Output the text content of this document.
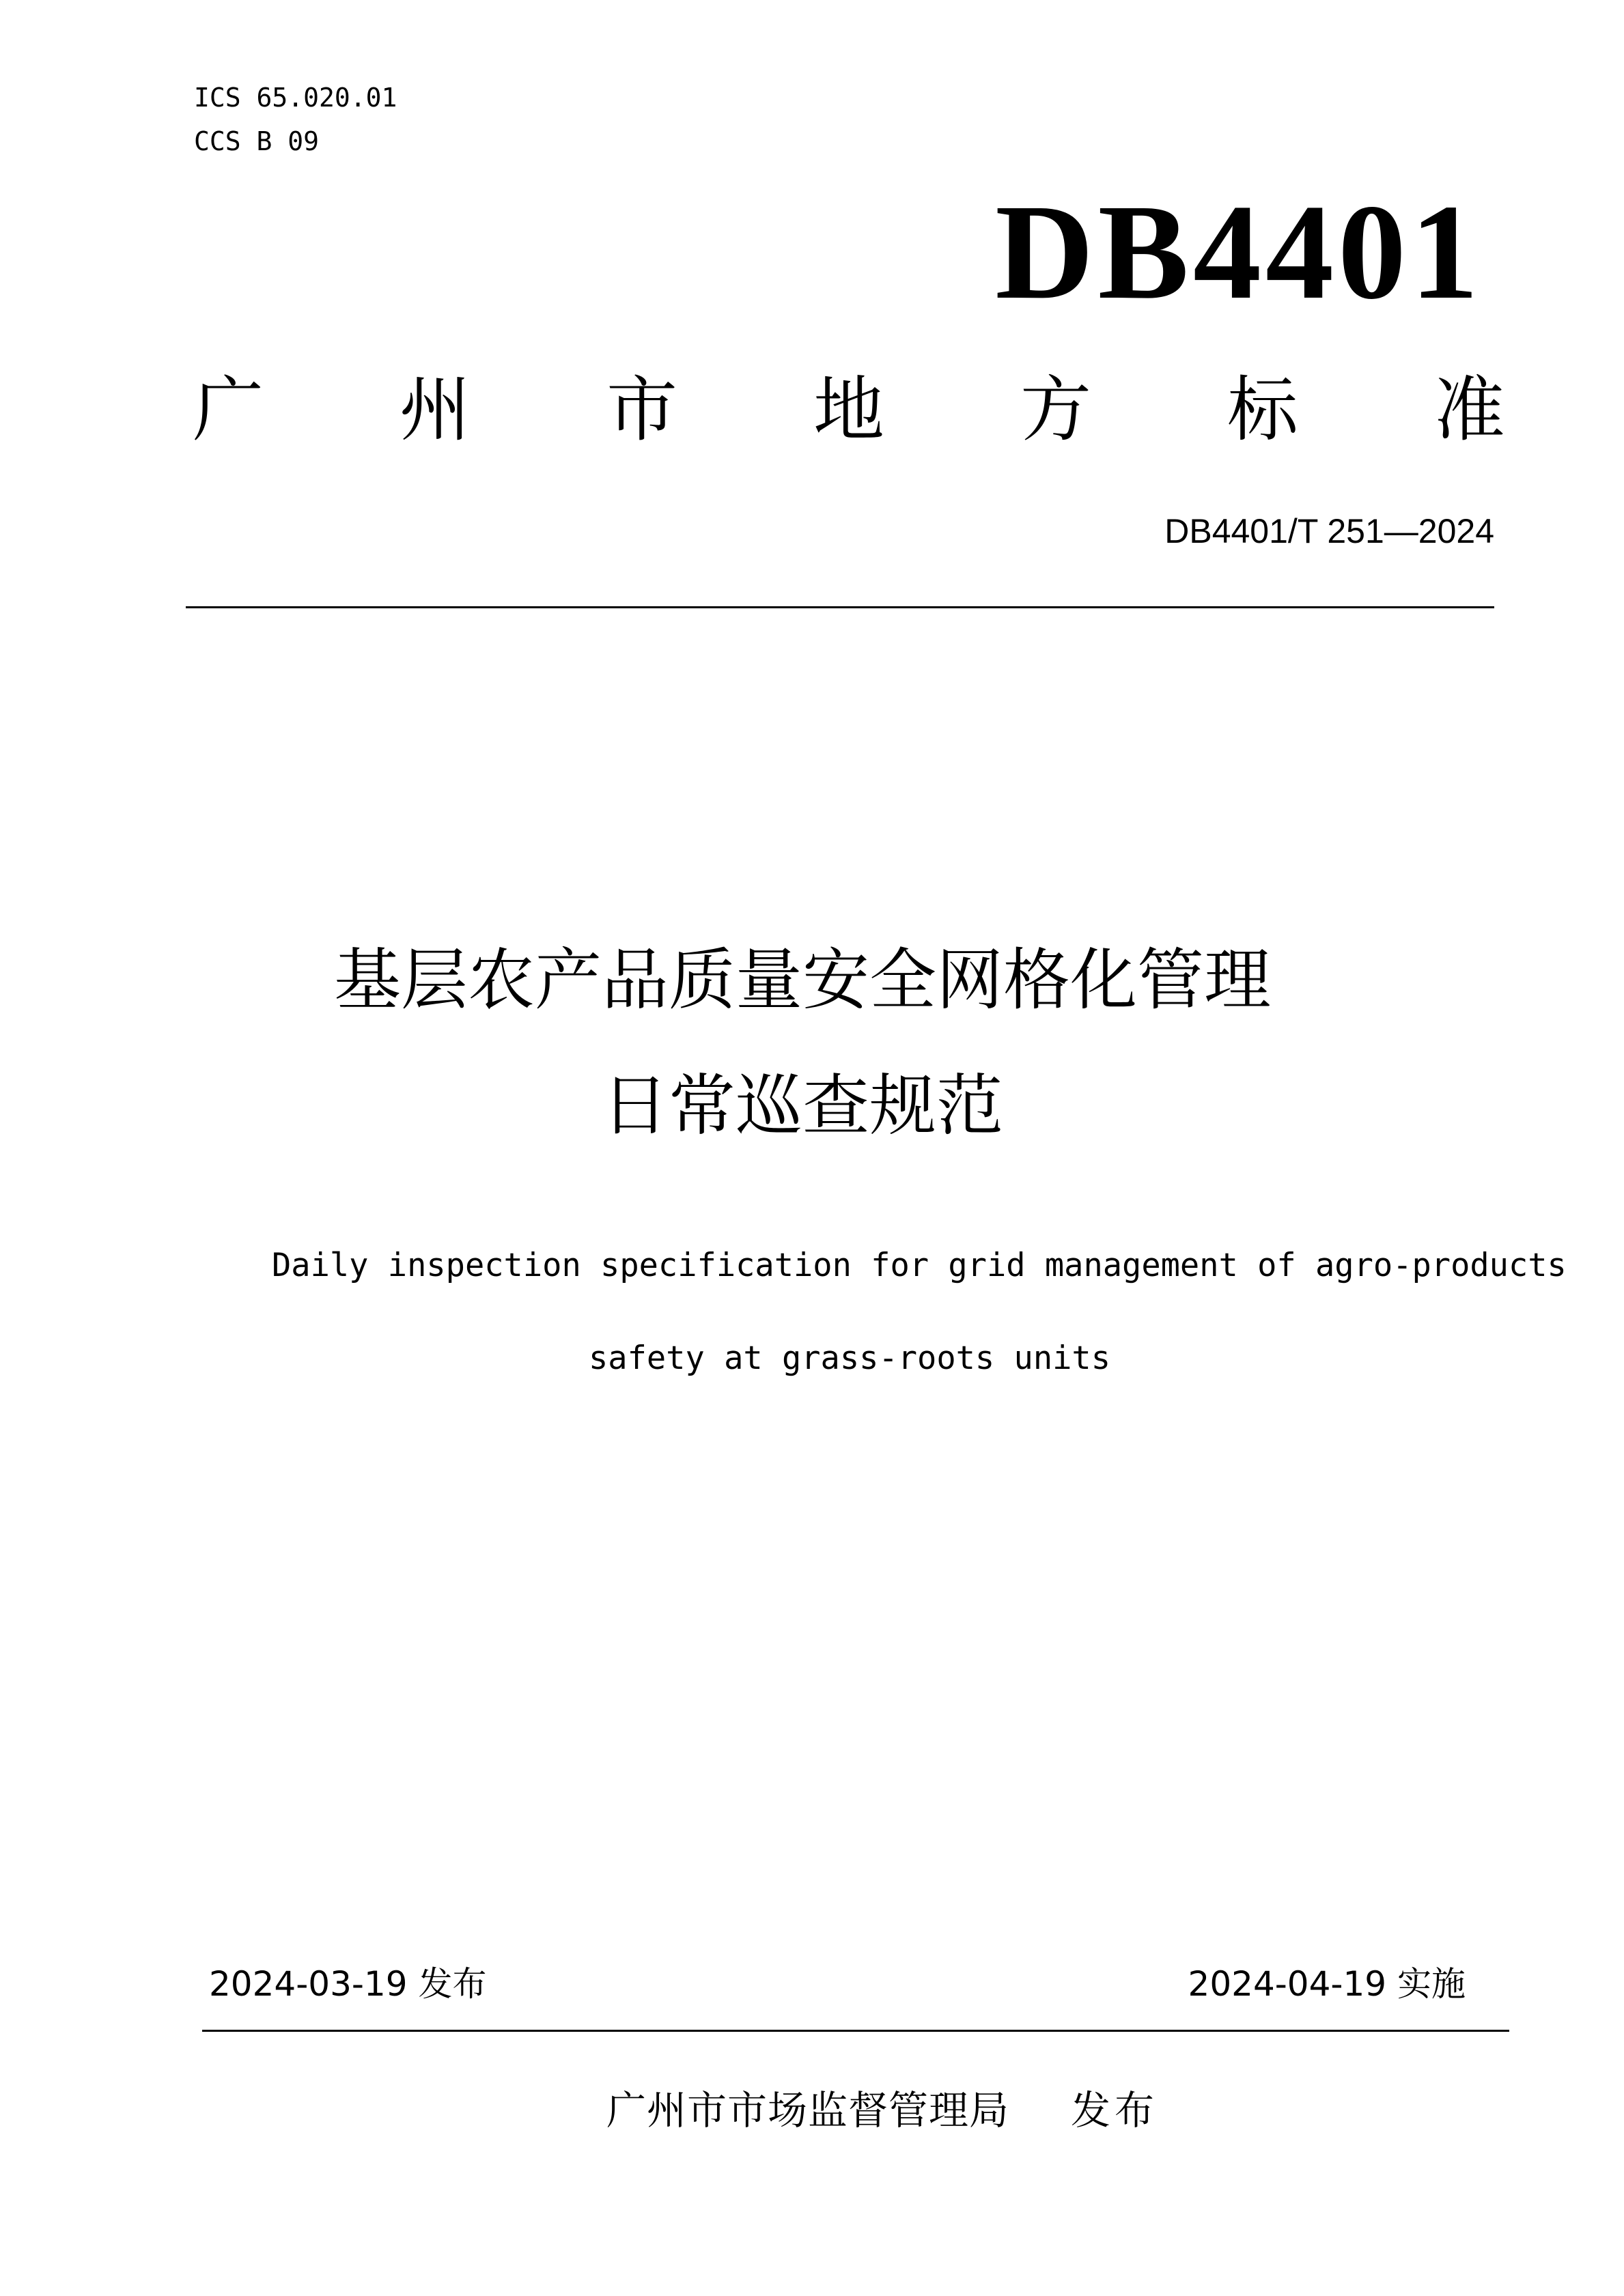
ICS 65.020.01
CCS B 09
DB4401
广 州 市 地 方 标 准
DB4401/T 251—2024
基层农产品质量安全网格化管理
日常巡查规范
Daily inspection specification for grid management of agro-products
safety at grass-roots units
2024-03-19 发布	2024-04-19 实施
广州市市场监督管理局 发布
